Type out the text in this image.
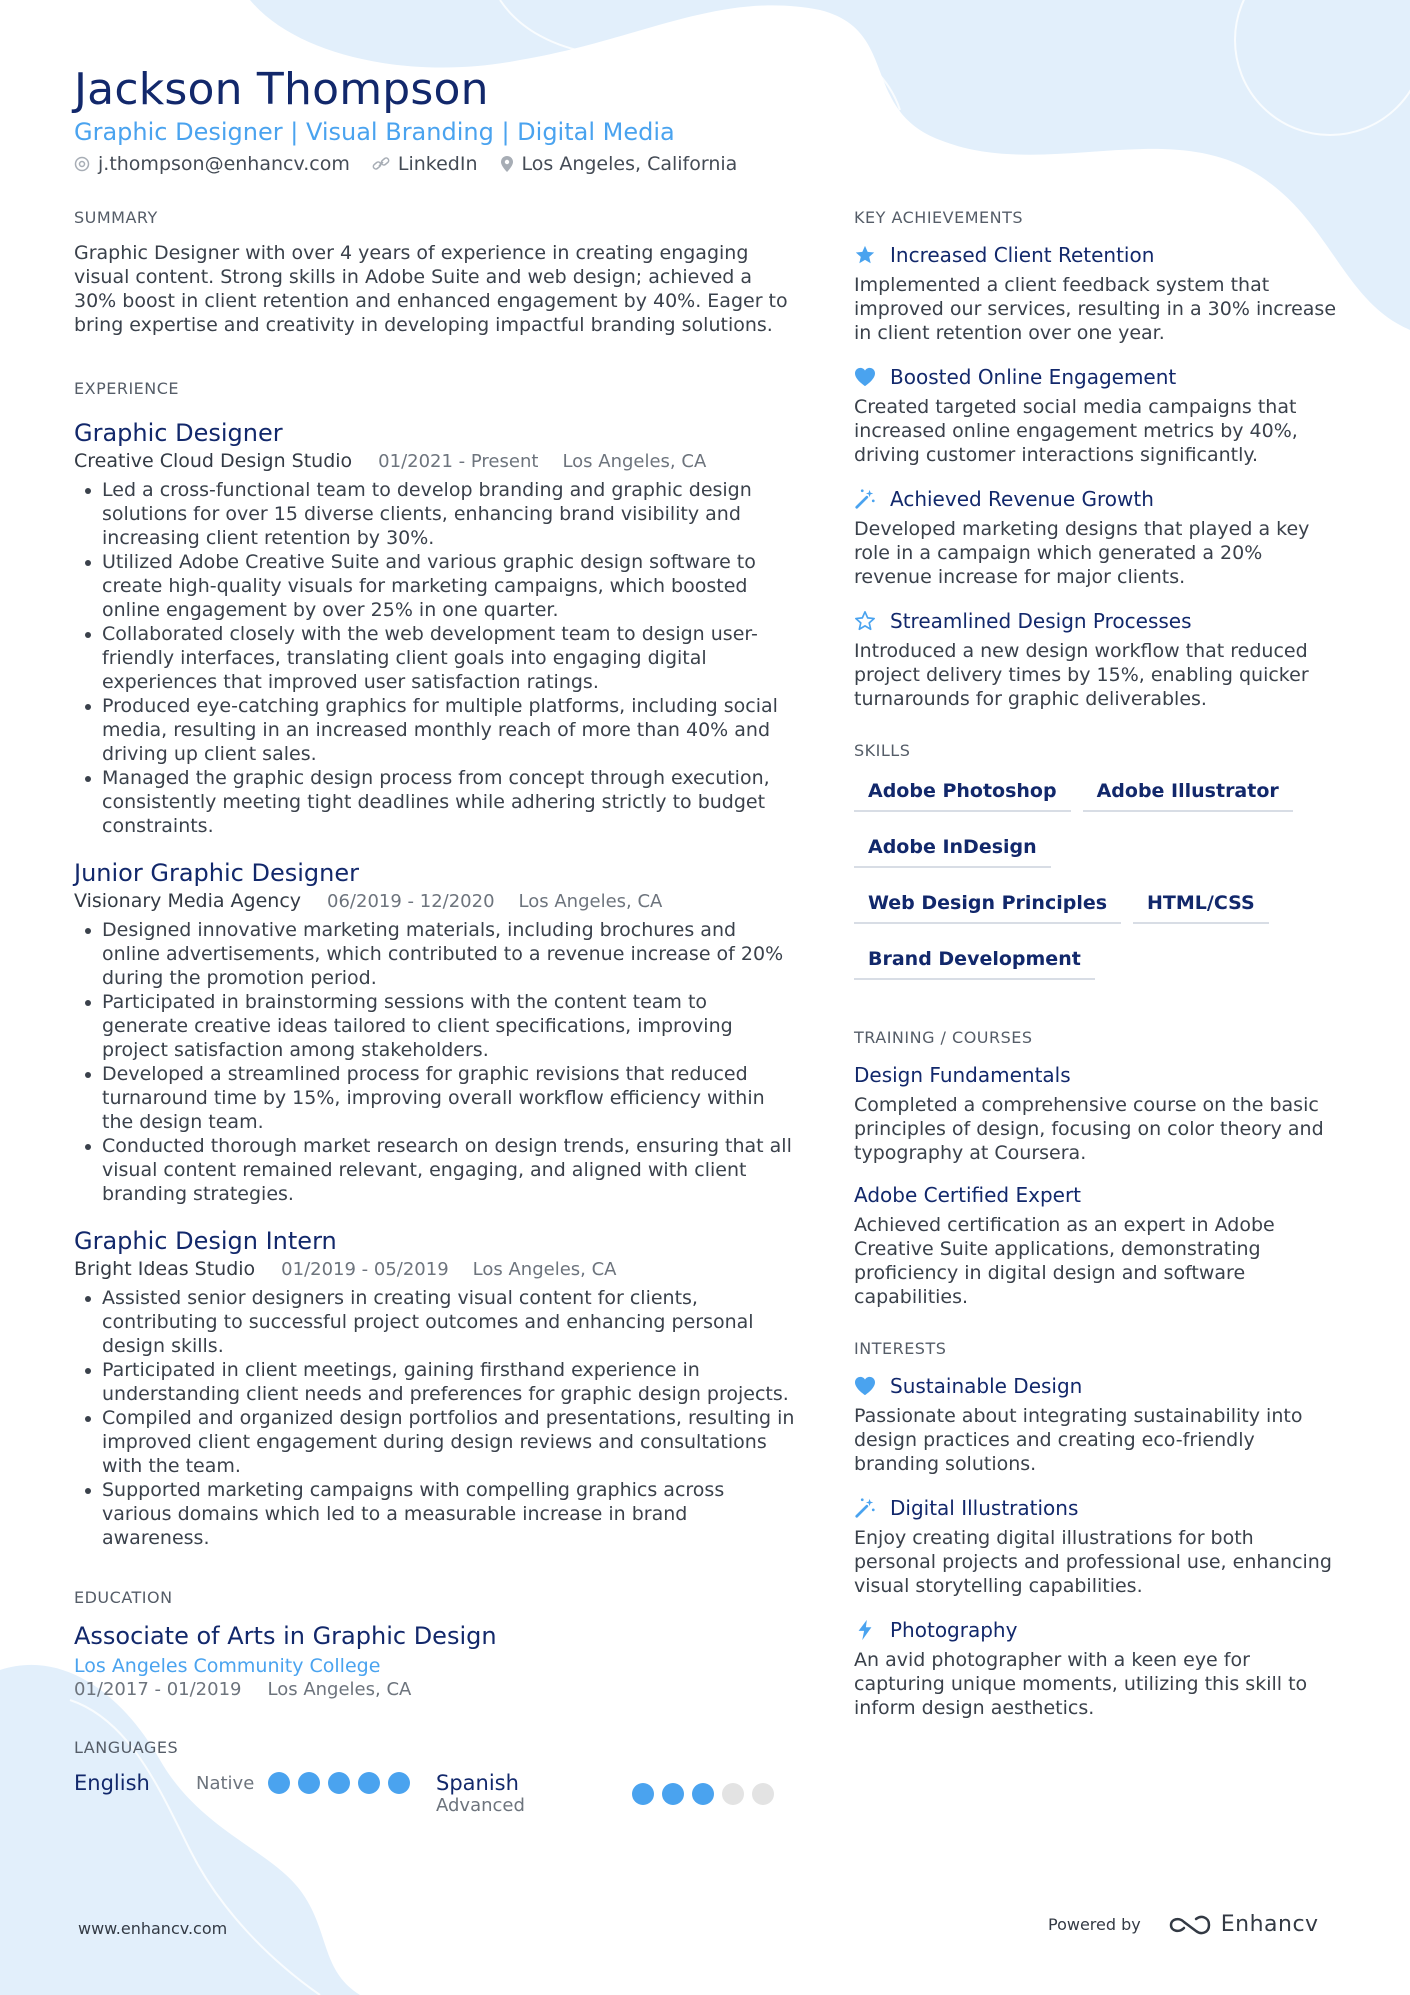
Jackson Thompson
Graphic Designer | Visual Branding | Digital Media
j.thompson@enhancv.com	LinkedIn Los Angeles, California
SUMMARY
Graphic Designer with over 4 years of experience in creating engaging visual content. Strong skills in Adobe Suite and web design; achieved a 30% boost in client retention and enhanced engagement by 40%. Eager to bring expertise and creativity in developing impactful branding solutions.
EXPERIENCE
Graphic Designer
Creative Cloud Design Studio 01/2021 - Present Los Angeles, CA
Led a cross-functional team to develop branding and graphic design solutions for over 15 diverse clients, enhancing brand visibility and increasing client retention by 30%.
Utilized Adobe Creative Suite and various graphic design software to create high-quality visuals for marketing campaigns, which boosted online engagement by over 25% in one quarter.
Collaborated closely with the web development team to design user-friendly interfaces, translating client goals into engaging digital experiences that improved user satisfaction ratings.
Produced eye-catching graphics for multiple platforms, including social media, resulting in an increased monthly reach of more than 40% and driving up client sales.
Managed the graphic design process from concept through execution, consistently meeting tight deadlines while adhering strictly to budget constraints.
Junior Graphic Designer
Visionary Media Agency 06/2019 - 12/2020 Los Angeles, CA
Designed innovative marketing materials, including brochures and online advertisements, which contributed to a revenue increase of 20% during the promotion period.
Participated in brainstorming sessions with the content team to generate creative ideas tailored to client specifications, improving project satisfaction among stakeholders.
Developed a streamlined process for graphic revisions that reduced turnaround time by 15%, improving overall workflow efficiency within the design team.
Conducted thorough market research on design trends, ensuring that all visual content remained relevant, engaging, and aligned with client branding strategies.
Graphic Design Intern
Bright Ideas Studio 01/2019 - 05/2019 Los Angeles, CA
Assisted senior designers in creating visual content for clients, contributing to successful project outcomes and enhancing personal design skills.
Participated in client meetings, gaining firsthand experience in understanding client needs and preferences for graphic design projects.
Compiled and organized design portfolios and presentations, resulting in improved client engagement during design reviews and consultations with the team.
Supported marketing campaigns with compelling graphics across various domains which led to a measurable increase in brand awareness.
EDUCATION
Associate of Arts in Graphic Design
Los Angeles Community College
01/2017 - 01/2019 Los Angeles, CA
LANGUAGES
English	Native	Spanish
Advanced
KEY ACHIEVEMENTS
Increased Client Retention
Implemented a client feedback system that improved our services, resulting in a 30% increase in client retention over one year.
Boosted Online Engagement
Created targeted social media campaigns that increased online engagement metrics by 40%, driving customer interactions significantly.
Achieved Revenue Growth
Developed marketing designs that played a key role in a campaign which generated a 20% revenue increase for major clients.
Streamlined Design Processes
Introduced a new design workflow that reduced project delivery times by 15%, enabling quicker turnarounds for graphic deliverables.
SKILLS
Adobe Photoshop	Adobe Illustrator
Adobe InDesign
Web Design Principles	HTML/CSS
Brand Development
TRAINING / COURSES
Design Fundamentals
Completed a comprehensive course on the basic principles of design, focusing on color theory and typography at Coursera.
Adobe Certified Expert
Achieved certification as an expert in Adobe Creative Suite applications, demonstrating proficiency in digital design and software capabilities.
INTERESTS
Sustainable Design
Passionate about integrating sustainability into design practices and creating eco-friendly branding solutions.
Digital Illustrations
Enjoy creating digital illustrations for both personal projects and professional use, enhancing visual storytelling capabilities.
Photography
An avid photographer with a keen eye for capturing unique moments, utilizing this skill to inform design aesthetics.
www.enhancv.com	Powered by	Enhancv
